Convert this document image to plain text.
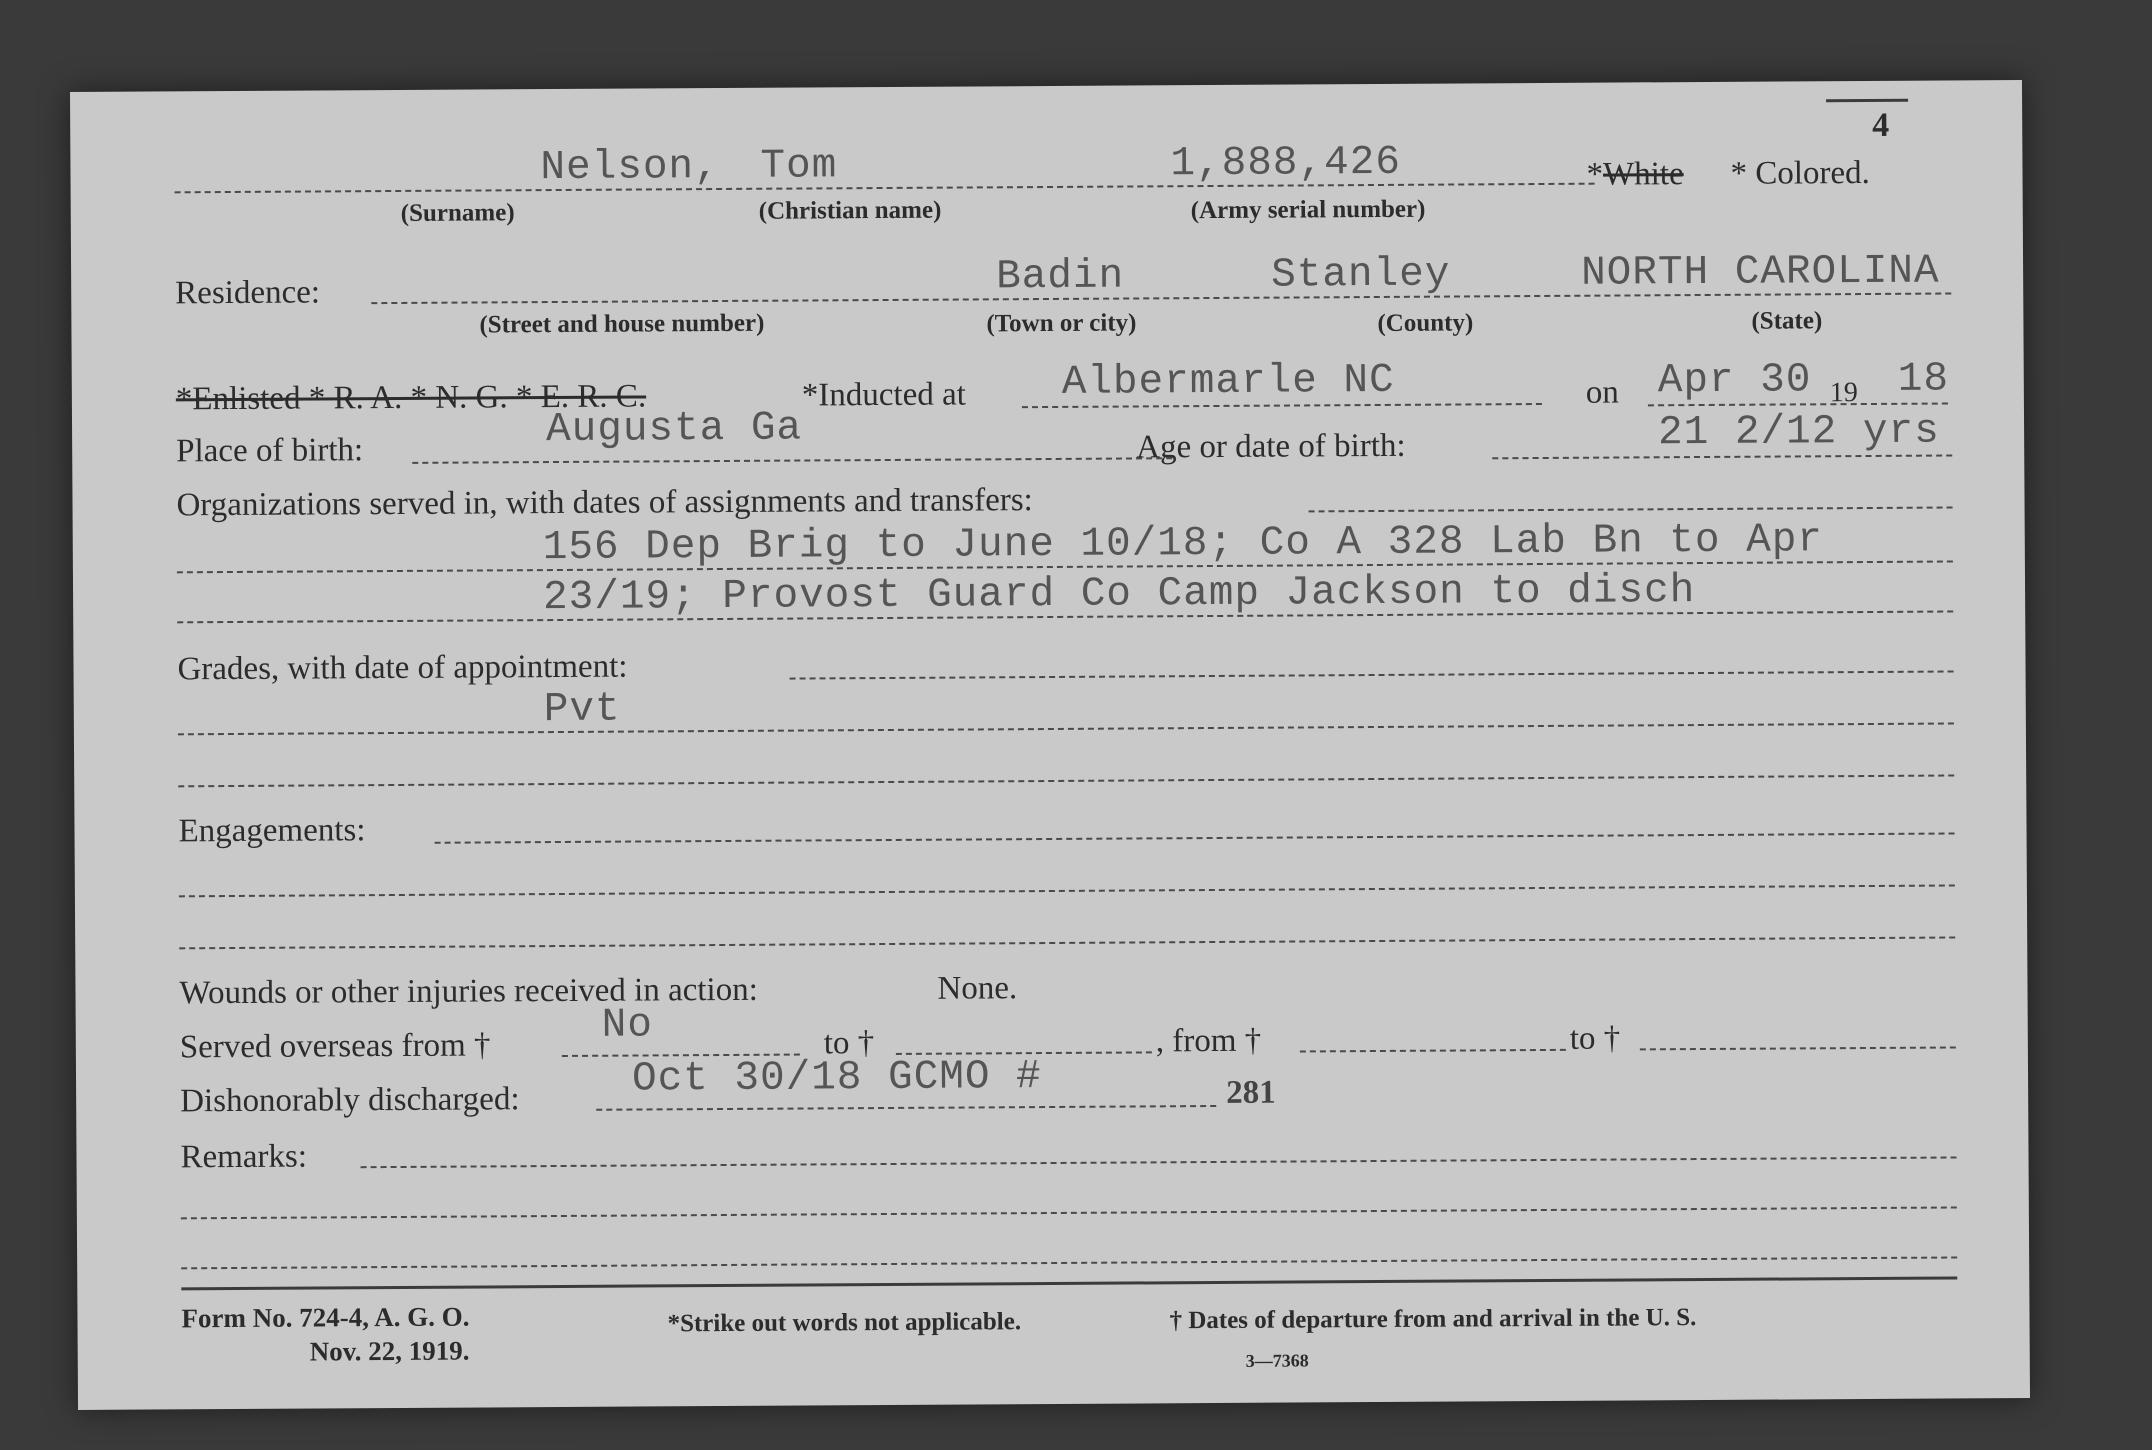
4
Nelson, Tom	1,888,426	*White * Colored.
(Surname)	(Christian name)	(Army serial number)
Residence:	Badin	Stanley	NORTH CAROLINA
(Street and house number)	(Town or city)	(County)	(State)
*Enlisted * R. A. * N. G. * E. R. C.	*Inducted at Albermarle NC	on Apr 30 19 18
Place of birth:	Augusta Ga	Age or date of birth:	21 2/12 yrs
Organizations served in, with dates of assignments and transfers:
156 Dep Brig to June 10/18; Co A 328 Lab Bn to Apr
23/19; Provost Guard Co Camp Jackson to disch
Grades, with date of appointment:
Pvt
Engagements:
Wounds or other injuries received in action:	None.
Served overseas from †	No	to †	, from †	to †
Dishonorably discharged:	Oct 30/18 GCMO #	281
Remarks:
Form No. 724-4, A. G. O.
Nov. 22, 1919.
*Strike out words not applicable.	† Dates of departure from and arrival in the U. S.
3—7368
